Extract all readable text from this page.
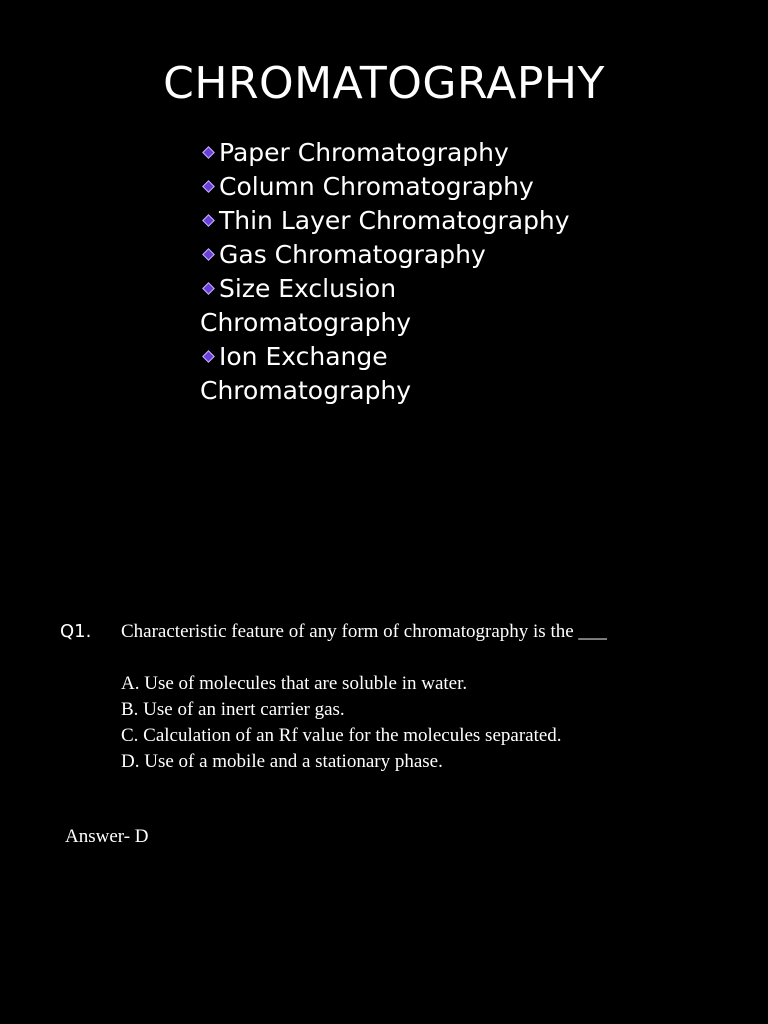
CHROMATOGRAPHY
Paper Chromatography
Column Chromatography
Thin Layer Chromatography
Gas Chromatography
Size Exclusion Chromatography
Ion Exchange Chromatography
Q1. Characteristic feature of any form of chromatography is the ___
A. Use of molecules that are soluble in water.
B. Use of an inert carrier gas.
C. Calculation of an Rf value for the molecules separated.
D. Use of a mobile and a stationary phase.
Answer- D
